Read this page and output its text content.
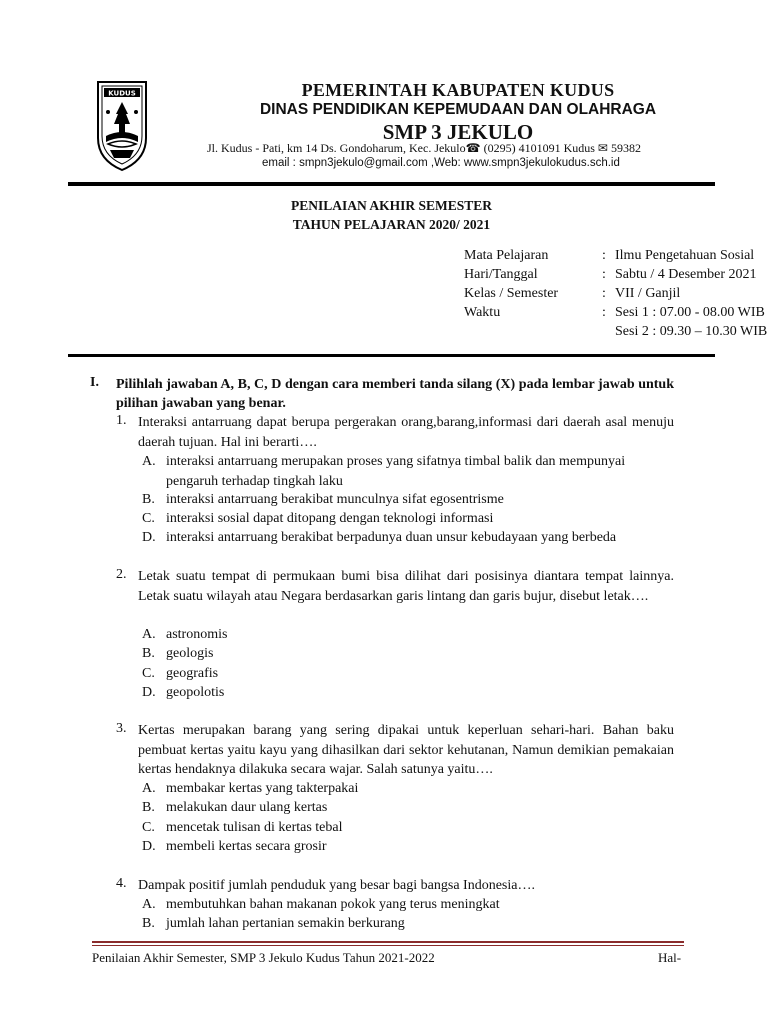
KUDUS	PEMERINTAH KABUPATEN KUDUS
DINAS PENDIDIKAN KEPEMUDAAN DAN OLAHRAGA
SMP 3 JEKULO
Jl. Kudus - Pati, km 14 Ds. Gondoharum, Kec. Jekulo☎ (0295) 4101091 Kudus ✉ 59382
email : smpn3jekulo@gmail.com ,Web: www.smpn3jekulokudus.sch.id
PENILAIAN AKHIR SEMESTER
TAHUN PELAJARAN 2020/ 2021
Mata Pelajaran	: Ilmu Pengetahuan Sosial
Hari/Tanggal	: Sabtu / 4 Desember 2021
Kelas / Semester	: VII / Ganjil
Waktu	: Sesi 1 : 07.00 - 08.00 WIB
Sesi 2 : 09.30 – 10.30 WIB
I. Pilihlah jawaban A, B, C, D dengan cara memberi tanda silang (X) pada lembar jawab untuk pilihan jawaban yang benar.
1. Interaksi antarruang dapat berupa pergerakan orang,barang,informasi dari daerah asal menuju daerah tujuan. Hal ini berarti….
A. interaksi antarruang merupakan proses yang sifatnya timbal balik dan mempunyai pengaruh terhadap tingkah laku
B. interaksi antarruang berakibat munculnya sifat egosentrisme
C. interaksi sosial dapat ditopang dengan teknologi informasi
D. interaksi antarruang berakibat berpadunya duan unsur kebudayaan yang berbeda
2. Letak suatu tempat di permukaan bumi bisa dilihat dari posisinya diantara tempat lainnya. Letak suatu wilayah atau Negara berdasarkan garis lintang dan garis bujur, disebut letak….
A. astronomis
B. geologis
C. geografis
D. geopolotis
3. Kertas merupakan barang yang sering dipakai untuk keperluan sehari-hari. Bahan baku pembuat kertas yaitu kayu yang dihasilkan dari sektor kehutanan, Namun demikian pemakaian kertas hendaknya dilakuka secara wajar. Salah satunya yaitu….
A. membakar kertas yang takterpakai
B. melakukan daur ulang kertas
C. mencetak tulisan di kertas tebal
D. membeli kertas secara grosir
4. Dampak positif jumlah penduduk yang besar bagi bangsa Indonesia….
A. membutuhkan bahan makanan pokok yang terus meningkat
B. jumlah lahan pertanian semakin berkurang
Penilaian Akhir Semester, SMP 3 Jekulo Kudus Tahun 2021-2022	Hal-
